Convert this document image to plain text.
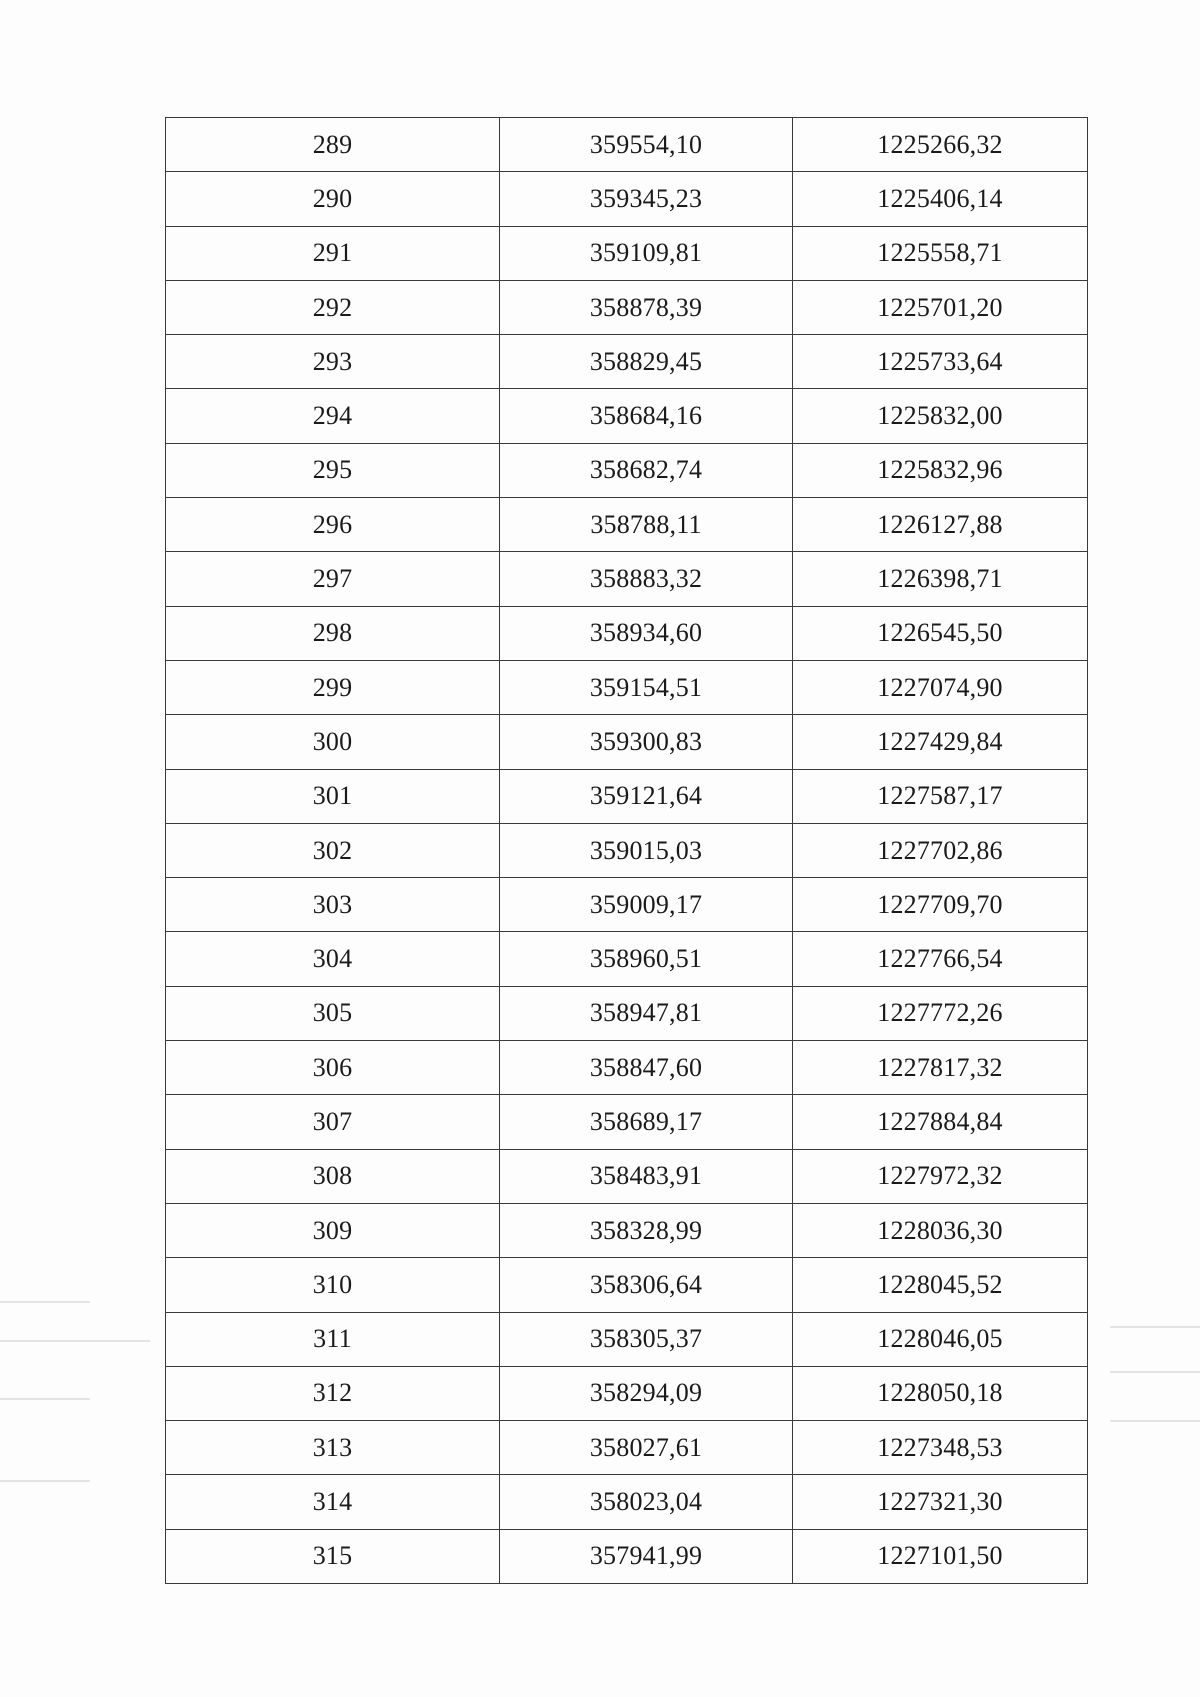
289	359554,10	1225266,32
290	359345,23	1225406,14
291	359109,81	1225558,71
292	358878,39	1225701,20
293	358829,45	1225733,64
294	358684,16	1225832,00
295	358682,74	1225832,96
296	358788,11	1226127,88
297	358883,32	1226398,71
298	358934,60	1226545,50
299	359154,51	1227074,90
300	359300,83	1227429,84
301	359121,64	1227587,17
302	359015,03	1227702,86
303	359009,17	1227709,70
304	358960,51	1227766,54
305	358947,81	1227772,26
306	358847,60	1227817,32
307	358689,17	1227884,84
308	358483,91	1227972,32
309	358328,99	1228036,30
310	358306,64	1228045,52
311	358305,37	1228046,05
312	358294,09	1228050,18
313	358027,61	1227348,53
314	358023,04	1227321,30
315	357941,99	1227101,50
